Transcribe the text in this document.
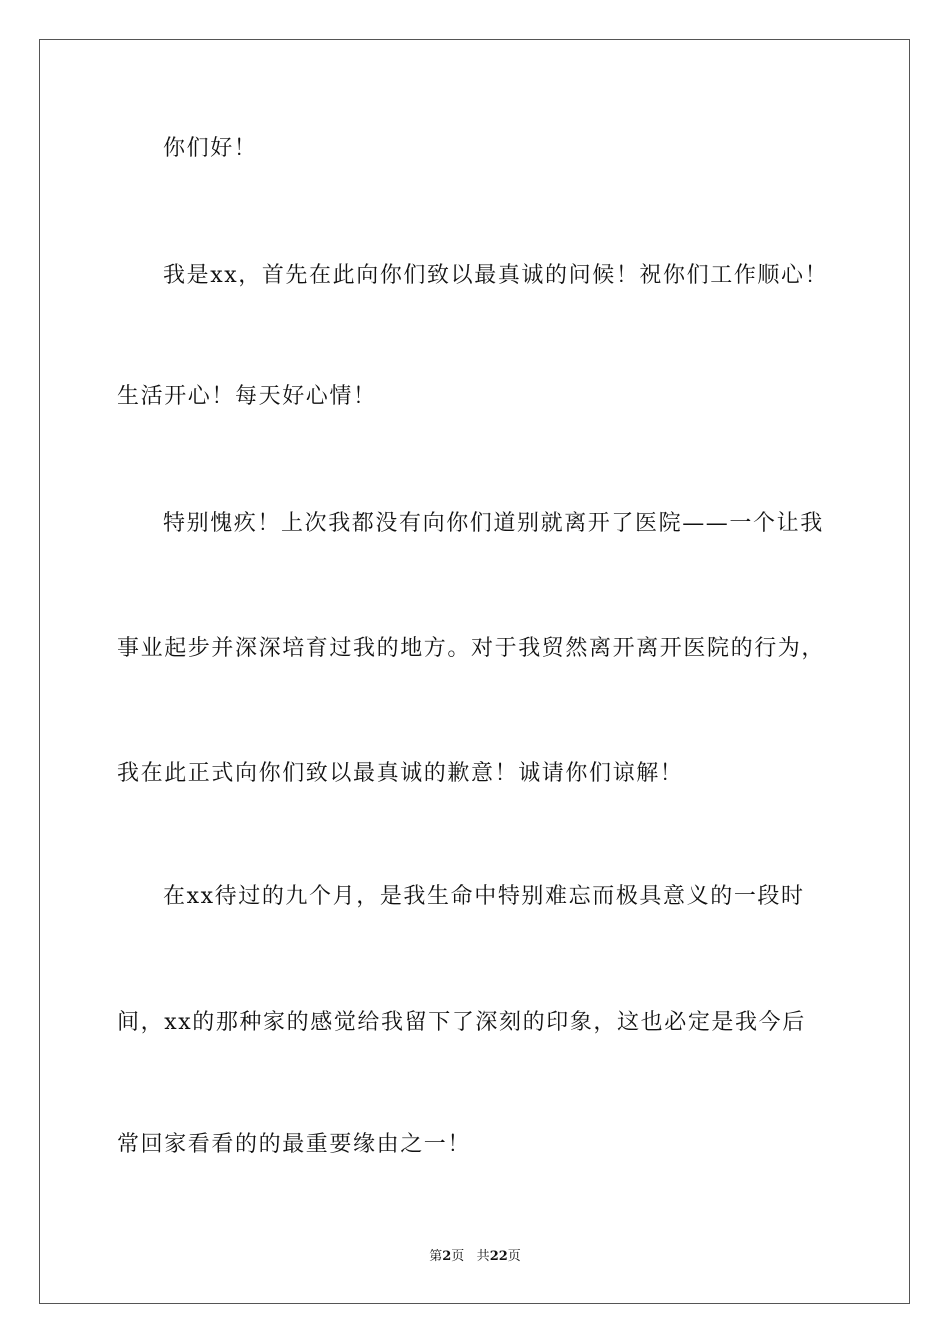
你们好！
我是xx，首先在此向你们致以最真诚的问候！祝你们工作顺心！
生活开心！每天好心情！
特别愧疚！上次我都没有向你们道别就离开了医院——一个让我
事业起步并深深培育过我的地方。对于我贸然离开离开医院的行为，
我在此正式向你们致以最真诚的歉意！诚请你们谅解！
在xx待过的九个月，是我生命中特别难忘而极具意义的一段时
间，xx的那种家的感觉给我留下了深刻的印象，这也必定是我今后
常回家看看的的最重要缘由之一！
第2页 共22页
